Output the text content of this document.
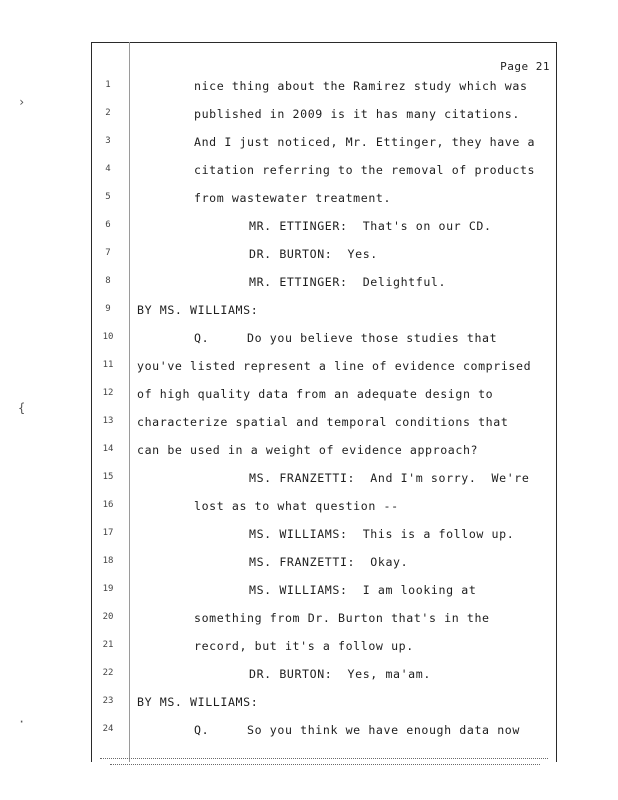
›
{
·
Page 21
1	nice thing about the Ramirez study which was
2	published in 2009 is it has many citations.
3	And I just noticed, Mr. Ettinger, they have a
4	citation referring to the removal of products
5	from wastewater treatment.
6	MR. ETTINGER:  That's on our CD.
7	DR. BURTON:  Yes.
8	MR. ETTINGER:  Delightful.
9	BY MS. WILLIAMS:
10	Q.     Do you believe those studies that
11	you've listed represent a line of evidence comprised
12	of high quality data from an adequate design to
13	characterize spatial and temporal conditions that
14	can be used in a weight of evidence approach?
15	MS. FRANZETTI:  And I'm sorry.  We're
16	lost as to what question --
17	MS. WILLIAMS:  This is a follow up.
18	MS. FRANZETTI:  Okay.
19	MS. WILLIAMS:  I am looking at
20	something from Dr. Burton that's in the
21	record, but it's a follow up.
22	DR. BURTON:  Yes, ma'am.
23	BY MS. WILLIAMS:
24	Q.     So you think we have enough data now
